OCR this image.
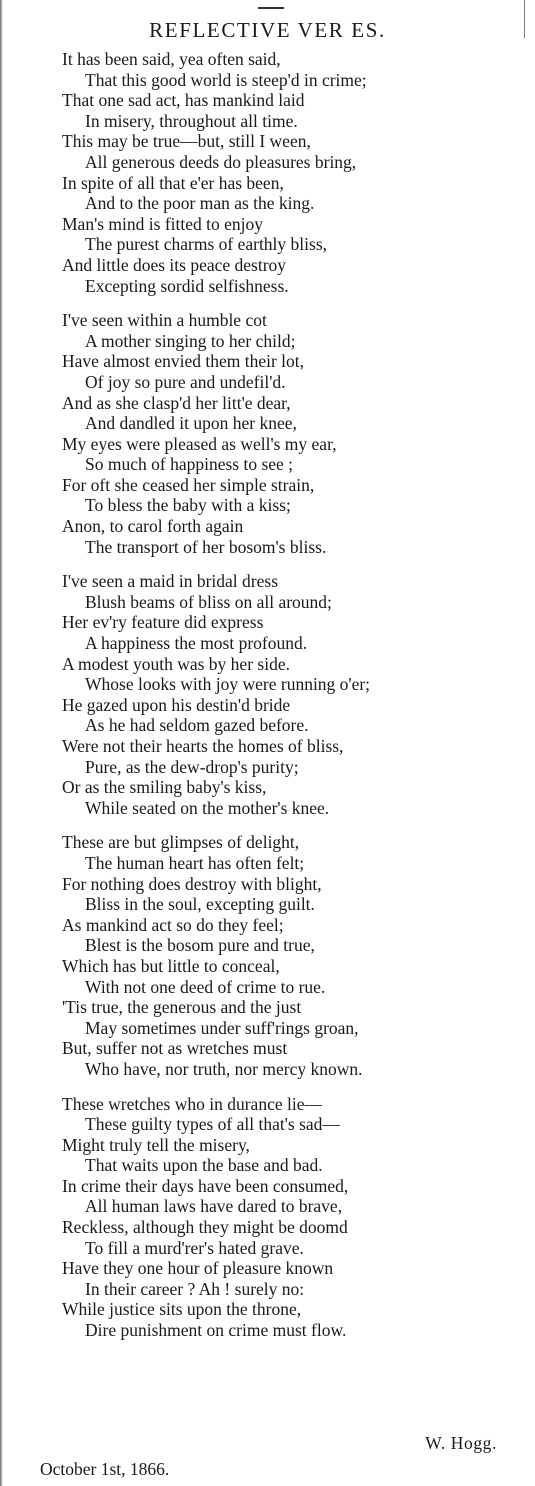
REFLECTIVE VER ES.
It has been said, yea often said,
That this good world is steep'd in crime;
That one sad act, has mankind laid
In misery, throughout all time.
This may be true—but, still I ween,
All generous deeds do pleasures bring,
In spite of all that e'er has been,
And to the poor man as the king.
Man's mind is fitted to enjoy
The purest charms of earthly bliss,
And little does its peace destroy
Excepting sordid selfishness.
I've seen within a humble cot
A mother singing to her child;
Have almost envied them their lot,
Of joy so pure and undefil'd.
And as she clasp'd her litt'e dear,
And dandled it upon her knee,
My eyes were pleased as well's my ear,
So much of happiness to see ;
For oft she ceased her simple strain,
To bless the baby with a kiss;
Anon, to carol forth again
The transport of her bosom's bliss.
I've seen a maid in bridal dress
Blush beams of bliss on all around;
Her ev'ry feature did express
A happiness the most profound.
A modest youth was by her side.
Whose looks with joy were running o'er;
He gazed upon his destin'd bride
As he had seldom gazed before.
Were not their hearts the homes of bliss,
Pure, as the dew-drop's purity;
Or as the smiling baby's kiss,
While seated on the mother's knee.
These are but glimpses of delight,
The human heart has often felt;
For nothing does destroy with blight,
Bliss in the soul, excepting guilt.
As mankind act so do they feel;
Blest is the bosom pure and true,
Which has but little to conceal,
With not one deed of crime to rue.
'Tis true, the generous and the just
May sometimes under suff'rings groan,
But, suffer not as wretches must
Who have, nor truth, nor mercy known.
These wretches who in durance lie—
These guilty types of all that's sad—
Might truly tell the misery,
That waits upon the base and bad.
In crime their days have been consumed,
All human laws have dared to brave,
Reckless, although they might be doomd
To fill a murd'rer's hated grave.
Have they one hour of pleasure known
In their career ? Ah ! surely no:
While justice sits upon the throne,
Dire punishment on crime must flow.
W. Hogg.
October 1st, 1866.
